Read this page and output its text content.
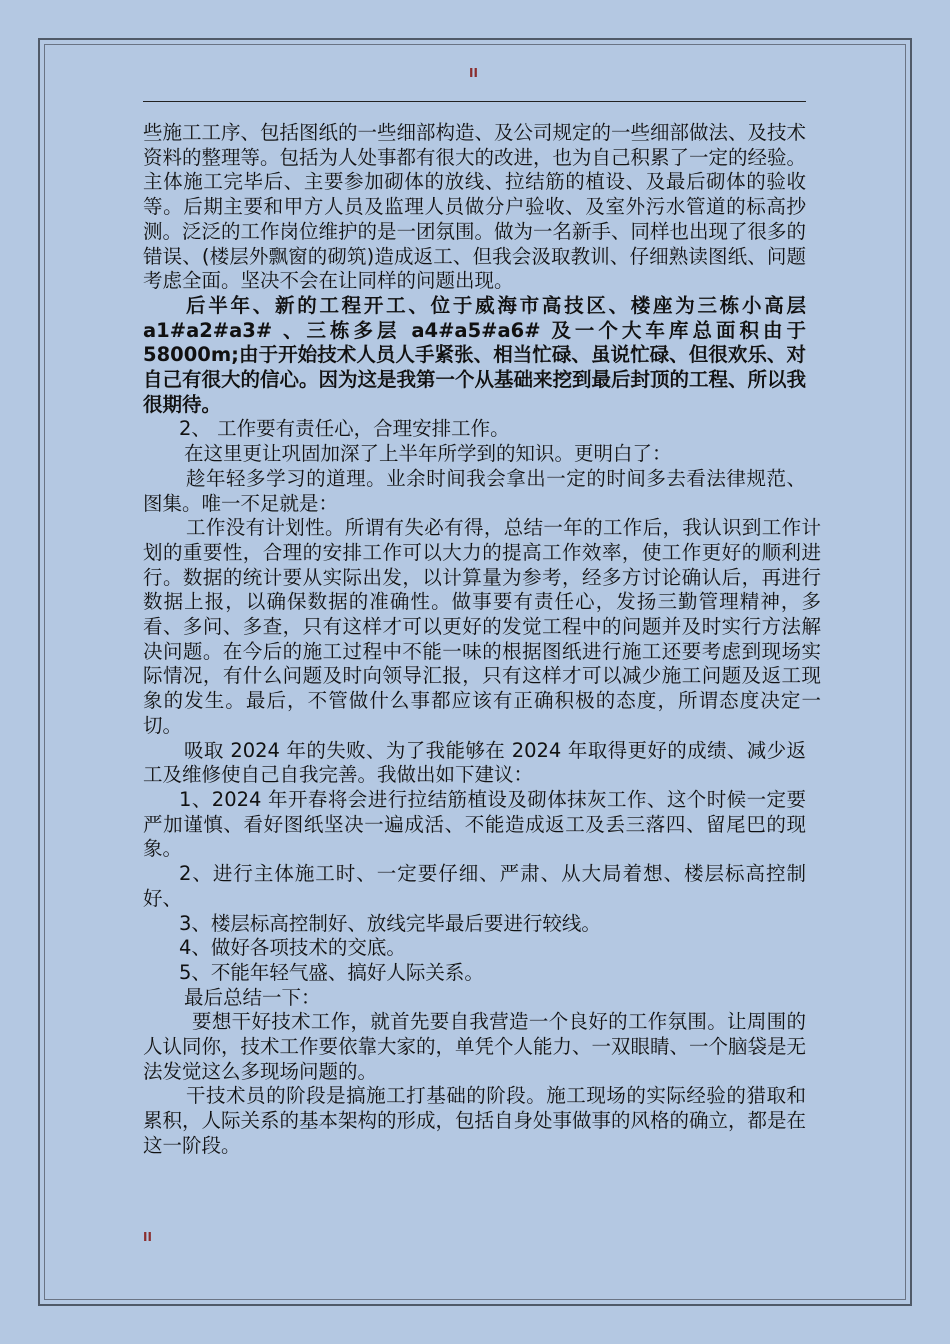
II

些施工工序、包括图纸的一些细部构造、及公司规定的一些细部做法、及技术资料的整理等。包括为人处事都有很大的改进，也为自己积累了一定的经验。主体施工完毕后、主要参加砌体的放线、拉结筋的植设、及最后砌体的验收等。后期主要和甲方人员及监理人员做分户验收、及室外污水管道的标高抄测。泛泛的工作岗位维护的是一团氛围。做为一名新手、同样也出现了很多的错误、(楼层外飘窗的砌筑)造成返工、但我会汲取教训、仔细熟读图纸、问题考虑全面。坚决不会在让同样的问题出现。

后半年、新的工程开工、位于威海市高技区、楼座为三栋小高层 a1#a2#a3# 、三栋多层 a4#a5#a6# 及一个大车库总面积由于 58000m;由于开始技术人员人手紧张、相当忙碌、虽说忙碌、但很欢乐、对自己有很大的信心。因为这是我第一个从基础来挖到最后封顶的工程、所以我很期待。

2、 工作要有责任心，合理安排工作。

在这里更让巩固加深了上半年所学到的知识。更明白了：

趁年轻多学习的道理。业余时间我会拿出一定的时间多去看法律规范、图集。唯一不足就是：

工作没有计划性。所谓有失必有得，总结一年的工作后，我认识到工作计划的重要性，合理的安排工作可以大力的提高工作效率，使工作更好的顺利进行。数据的统计要从实际出发，以计算量为参考，经多方讨论确认后，再进行数据上报，以确保数据的准确性。做事要有责任心，发扬三勤管理精神，多看、多问、多查，只有这样才可以更好的发觉工程中的问题并及时实行方法解决问题。在今后的施工过程中不能一味的根据图纸进行施工还要考虑到现场实际情况，有什么问题及时向领导汇报，只有这样才可以减少施工问题及返工现象的发生。最后，不管做什么事都应该有正确积极的态度，所谓态度决定一切。

吸取 2024 年的失败、为了我能够在 2024 年取得更好的成绩、减少返工及维修使自己自我完善。我做出如下建议：

1、2024 年开春将会进行拉结筋植设及砌体抹灰工作、这个时候一定要严加谨慎、看好图纸坚决一遍成活、不能造成返工及丢三落四、留尾巴的现象。

2、进行主体施工时、一定要仔细、严肃、从大局着想、楼层标高控制好、

3、楼层标高控制好、放线完毕最后要进行较线。

4、做好各项技术的交底。

5、不能年轻气盛、搞好人际关系。

最后总结一下：

要想干好技术工作，就首先要自我营造一个良好的工作氛围。让周围的人认同你，技术工作要依靠大家的，单凭个人能力、一双眼睛、一个脑袋是无法发觉这么多现场问题的。

干技术员的阶段是搞施工打基础的阶段。施工现场的实际经验的猎取和累积，人际关系的基本架构的形成，包括自身处事做事的风格的确立，都是在这一阶段。

II
